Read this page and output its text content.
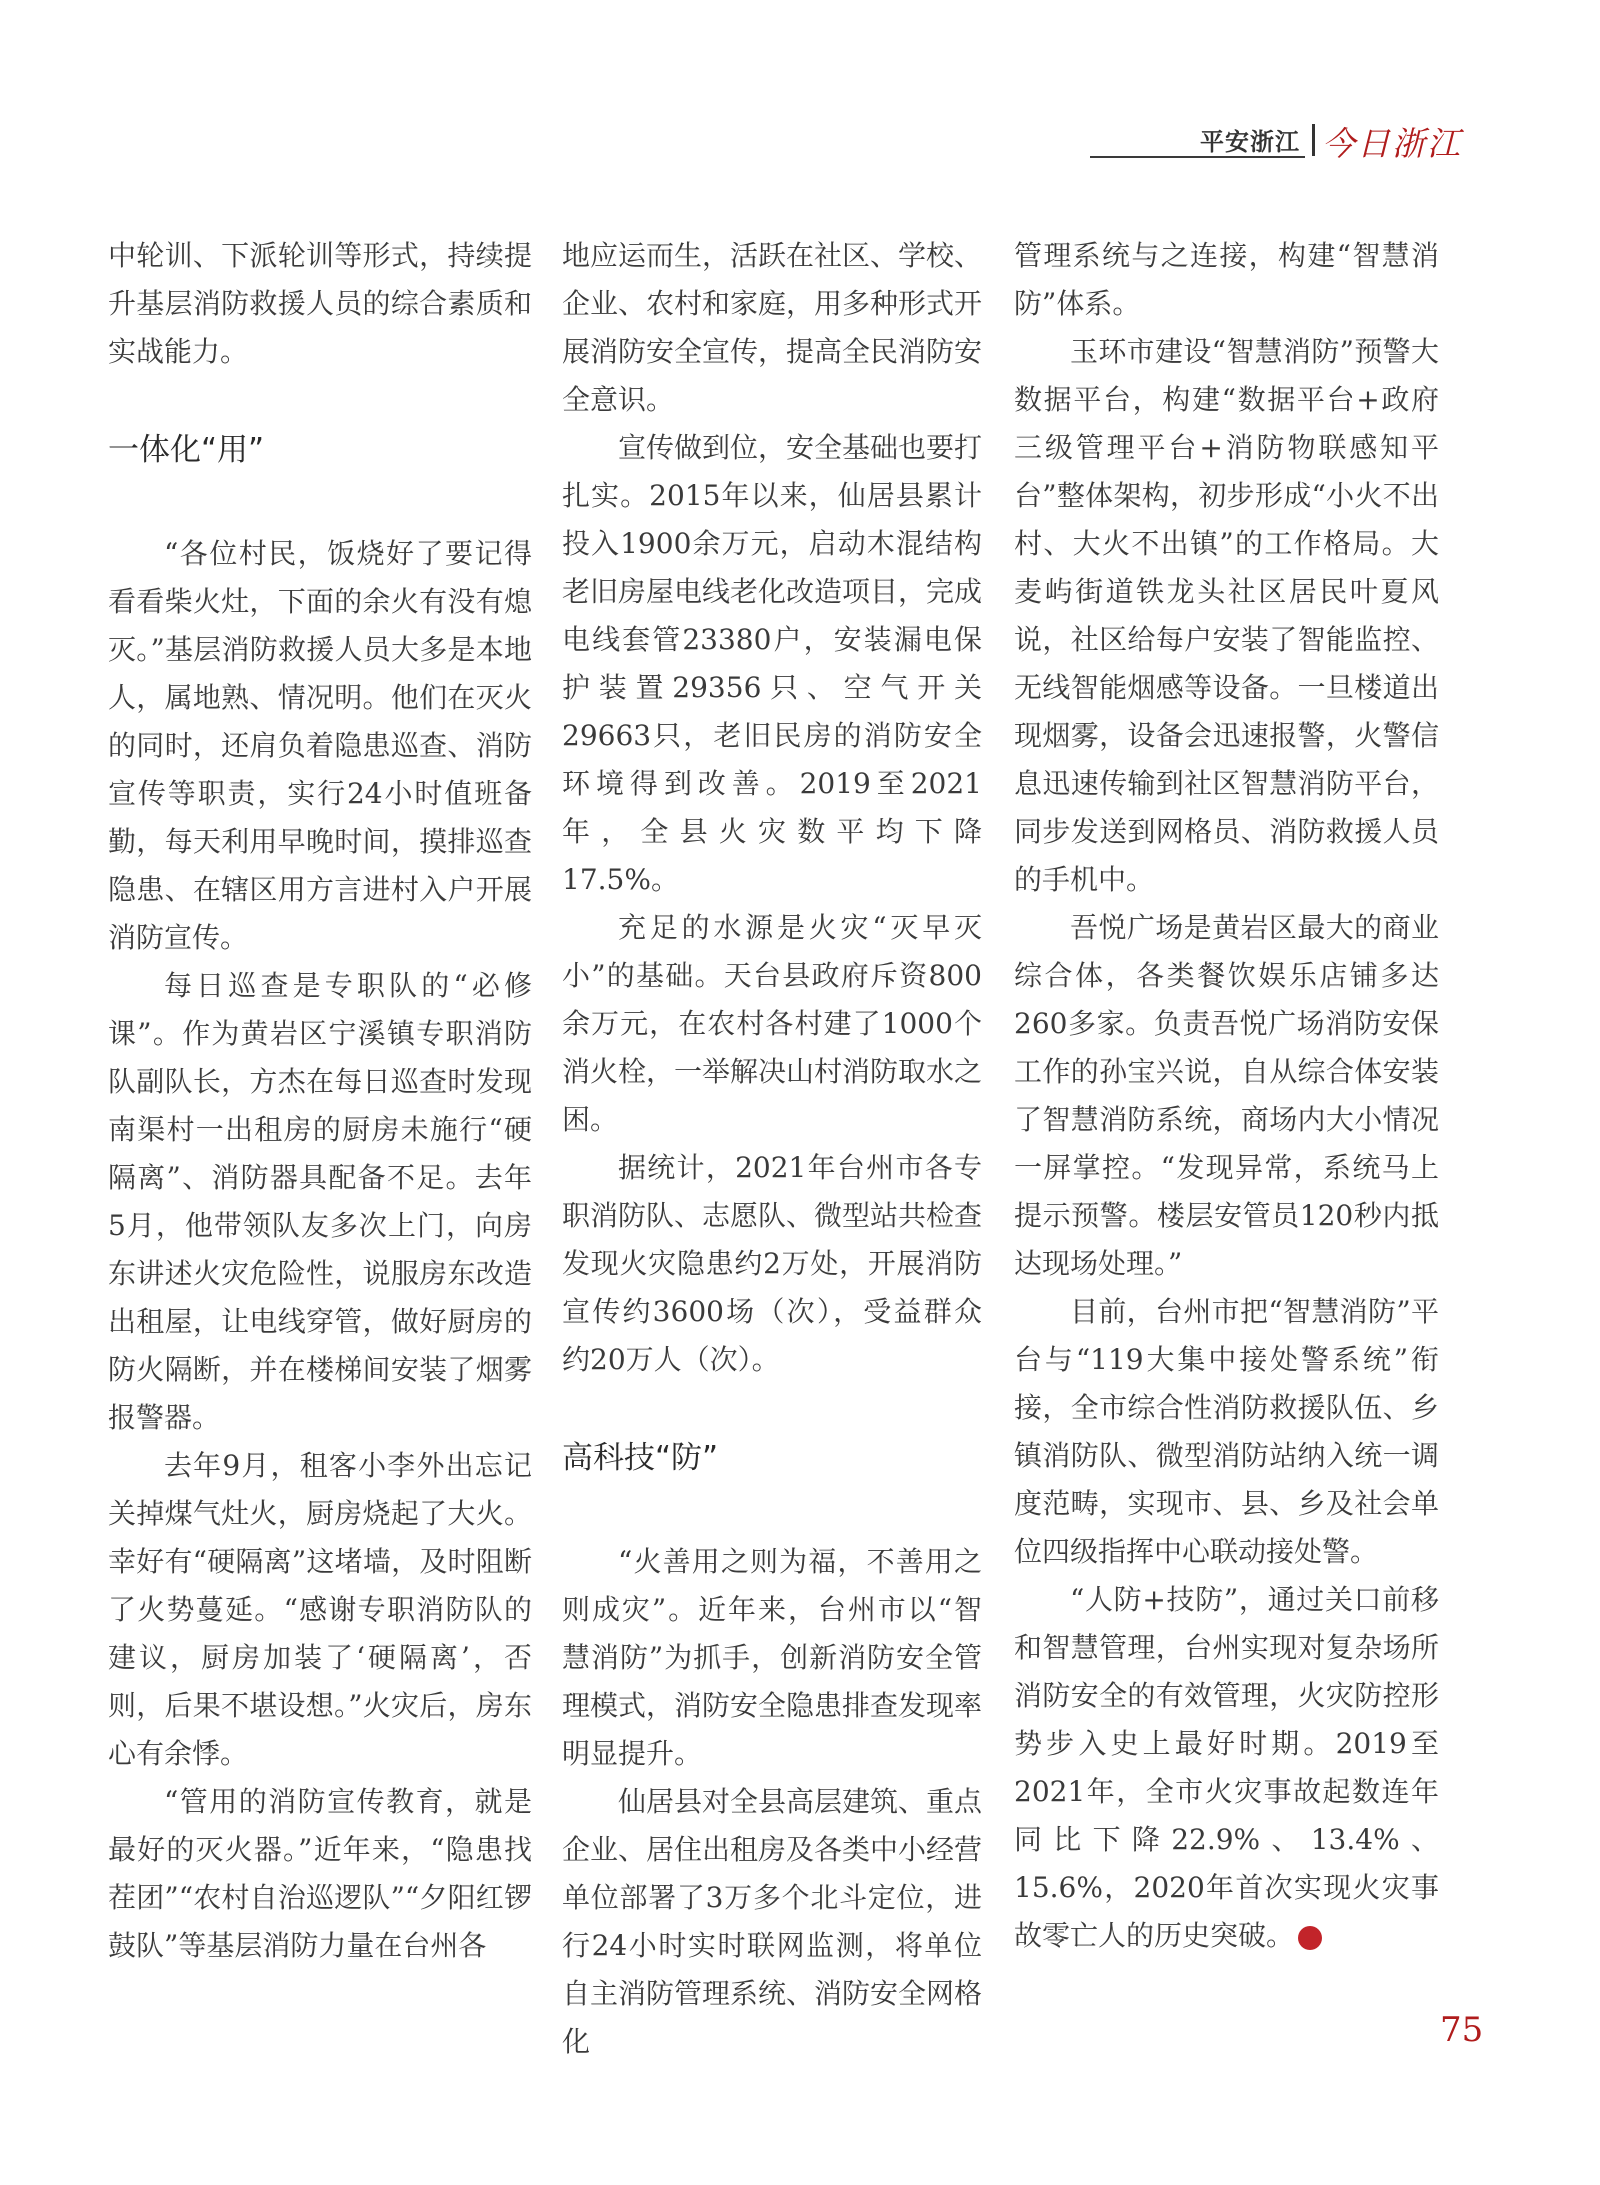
平安浙江 今日浙江

中轮训、下派轮训等形式，持续提升基层消防救援人员的综合素质和实战能力。

一体化“用”

“各位村民，饭烧好了要记得看看柴火灶，下面的余火有没有熄灭。”基层消防救援人员大多是本地人，属地熟、情况明。他们在灭火的同时，还肩负着隐患巡查、消防宣传等职责，实行24小时值班备勤，每天利用早晚时间，摸排巡查隐患、在辖区用方言进村入户开展消防宣传。

每日巡查是专职队的“必修课”。作为黄岩区宁溪镇专职消防队副队长，方杰在每日巡查时发现南渠村一出租房的厨房未施行“硬隔离”、消防器具配备不足。去年5月，他带领队友多次上门，向房东讲述火灾危险性，说服房东改造出租屋，让电线穿管，做好厨房的防火隔断，并在楼梯间安装了烟雾报警器。

去年9月，租客小李外出忘记关掉煤气灶火，厨房烧起了大火。幸好有“硬隔离”这堵墙，及时阻断了火势蔓延。“感谢专职消防队的建议，厨房加装了‘硬隔离’，否则，后果不堪设想。”火灾后，房东心有余悸。

“管用的消防宣传教育，就是最好的灭火器。”近年来，“隐患找茬团”“农村自治巡逻队”“夕阳红锣鼓队”等基层消防力量在台州各

地应运而生，活跃在社区、学校、企业、农村和家庭，用多种形式开展消防安全宣传，提高全民消防安全意识。

宣传做到位，安全基础也要打扎实。2015年以来，仙居县累计投入1900余万元，启动木混结构老旧房屋电线老化改造项目，完成电线套管23380户，安装漏电保护装置29356只、空气开关29663只，老旧民房的消防安全环境得到改善。2019至2021年，全县火灾数平均下降17.5%。

充足的水源是火灾“灭早灭小”的基础。天台县政府斥资800余万元，在农村各村建了1000个消火栓，一举解决山村消防取水之困。

据统计，2021年台州市各专职消防队、志愿队、微型站共检查发现火灾隐患约2万处，开展消防宣传约3600场（次），受益群众约20万人（次）。

高科技“防”

“火善用之则为福，不善用之则成灾”。近年来，台州市以“智慧消防”为抓手，创新消防安全管理模式，消防安全隐患排查发现率明显提升。

仙居县对全县高层建筑、重点企业、居住出租房及各类中小经营单位部署了3万多个北斗定位，进行24小时实时联网监测，将单位自主消防管理系统、消防安全网格化

管理系统与之连接，构建“智慧消防”体系。

玉环市建设“智慧消防”预警大数据平台，构建“数据平台+政府三级管理平台+消防物联感知平台”整体架构，初步形成“小火不出村、大火不出镇”的工作格局。大麦屿街道铁龙头社区居民叶夏风说，社区给每户安装了智能监控、无线智能烟感等设备。一旦楼道出现烟雾，设备会迅速报警，火警信息迅速传输到社区智慧消防平台，同步发送到网格员、消防救援人员的手机中。

吾悦广场是黄岩区最大的商业综合体，各类餐饮娱乐店铺多达260多家。负责吾悦广场消防安保工作的孙宝兴说，自从综合体安装了智慧消防系统，商场内大小情况一屏掌控。“发现异常，系统马上提示预警。楼层安管员120秒内抵达现场处理。”

目前，台州市把“智慧消防”平台与“119大集中接处警系统”衔接，全市综合性消防救援队伍、乡镇消防队、微型消防站纳入统一调度范畴，实现市、县、乡及社会单位四级指挥中心联动接处警。

“人防+技防”，通过关口前移和智慧管理，台州实现对复杂场所消防安全的有效管理，火灾防控形势步入史上最好时期。2019至2021年，全市火灾事故起数连年同比下降22.9%、13.4%、15.6%，2020年首次实现火灾事故零亡人的历史突破。	今

75
